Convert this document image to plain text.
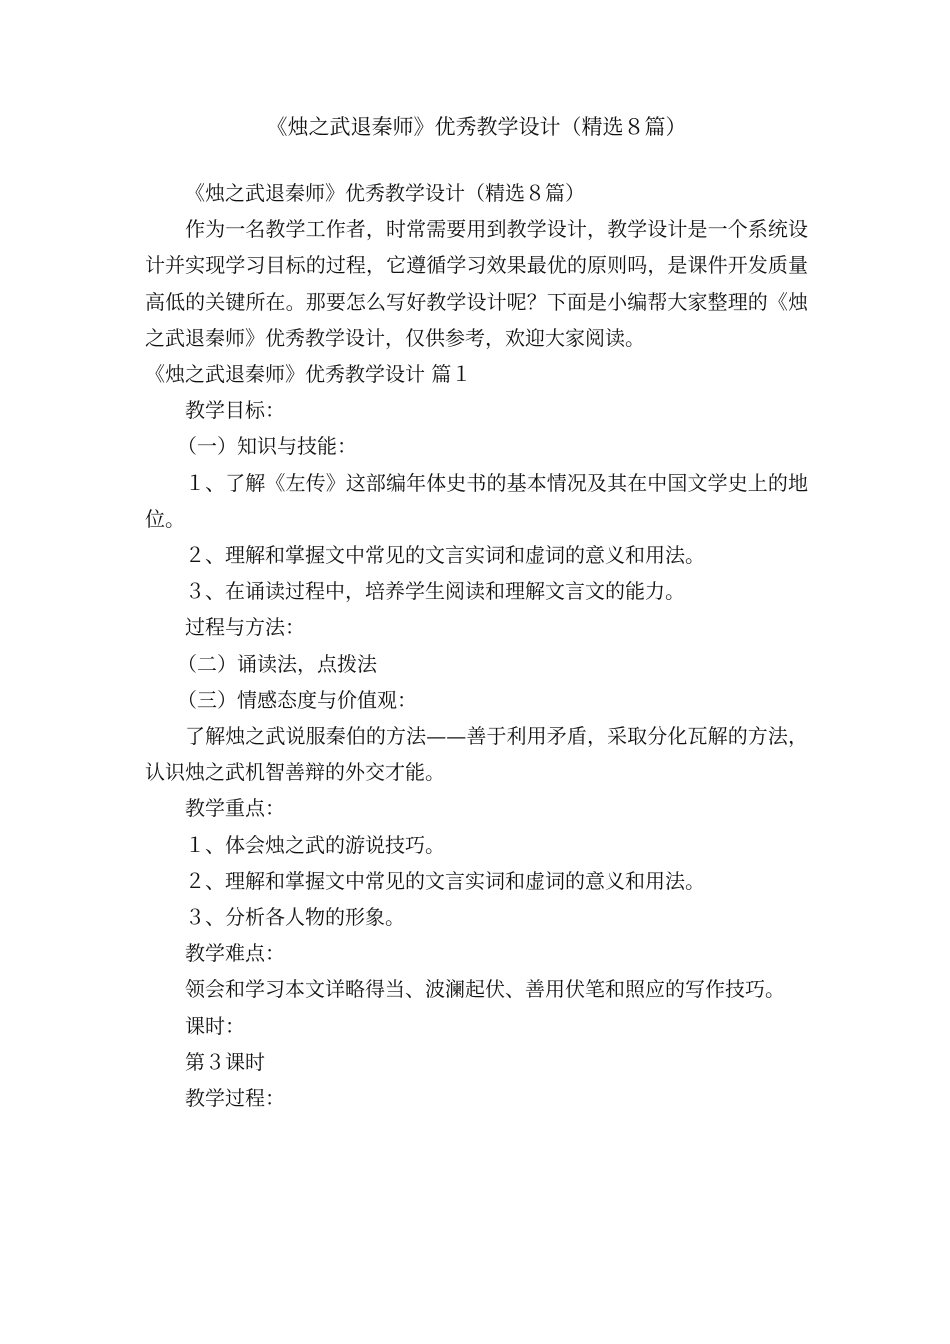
《烛之武退秦师》优秀教学设计（精选８篇）

《烛之武退秦师》优秀教学设计（精选８篇）

作为一名教学工作者，时常需要用到教学设计，教学设计是一个系统设计并实现学习目标的过程，它遵循学习效果最优的原则吗，是课件开发质量高低的关键所在。那要怎么写好教学设计呢？下面是小编帮大家整理的《烛之武退秦师》优秀教学设计，仅供参考，欢迎大家阅读。

《烛之武退秦师》优秀教学设计 篇１

教学目标：

（一）知识与技能：

１、了解《左传》这部编年体史书的基本情况及其在中国文学史上的地位。

２、理解和掌握文中常见的文言实词和虚词的意义和用法。

３、在诵读过程中，培养学生阅读和理解文言文的能力。

过程与方法：

（二）诵读法，点拨法

（三）情感态度与价值观：

了解烛之武说服秦伯的方法——善于利用矛盾，采取分化瓦解的方法，认识烛之武机智善辩的外交才能。

教学重点：

１、体会烛之武的游说技巧。

２、理解和掌握文中常见的文言实词和虚词的意义和用法。

３、分析各人物的形象。

教学难点：

领会和学习本文详略得当、波澜起伏、善用伏笔和照应的写作技巧。

课时：

第３课时

教学过程：
